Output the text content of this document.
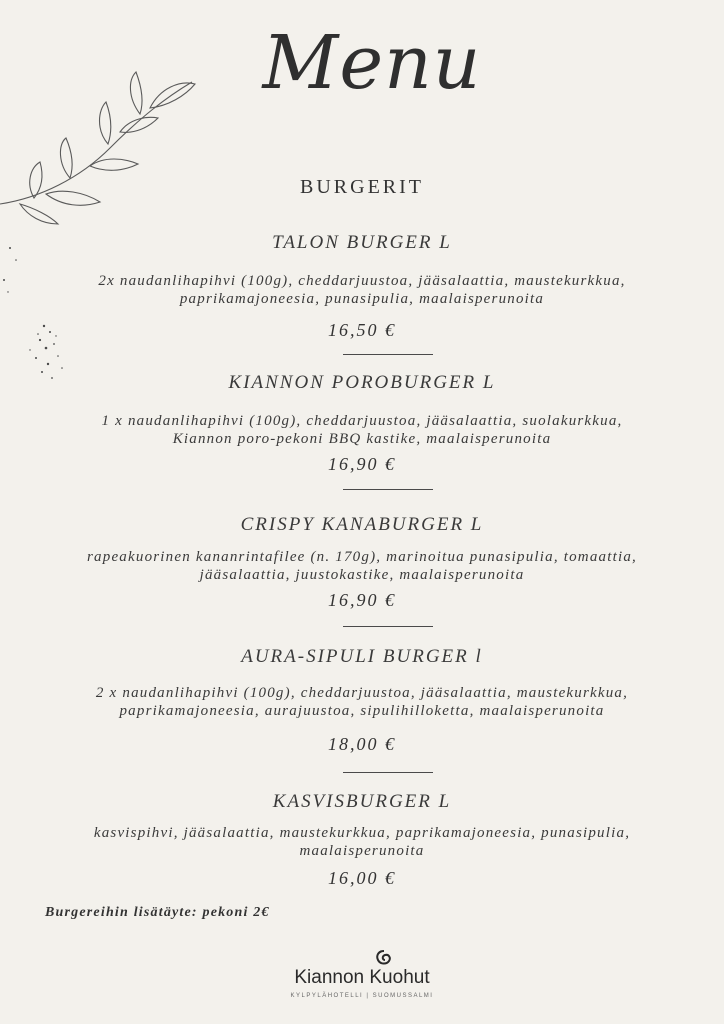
Menu
BURGERIT
TALON BURGER L
2x naudanlihapihvi (100g), cheddarjuustoa, jääsalaattia, maustekurkkua,
paprikamajoneesia, punasipulia, maalaisperunoita
16,50 €
KIANNON POROBURGER L
1 x naudanlihapihvi (100g), cheddarjuustoa, jääsalaattia, suolakurkkua,
Kiannon poro-pekoni BBQ kastike, maalaisperunoita
16,90 €
CRISPY KANABURGER L
rapeakuorinen kananrintafilee (n. 170g), marinoitua punasipulia, tomaattia,
jääsalaattia, juustokastike, maalaisperunoita
16,90 €
AURA-SIPULI BURGER l
2 x naudanlihapihvi (100g), cheddarjuustoa, jääsalaattia, maustekurkkua,
paprikamajoneesia, aurajuustoa, sipulihilloketta, maalaisperunoita
18,00 €
KASVISBURGER L
kasvispihvi, jääsalaattia, maustekurkkua, paprikamajoneesia, punasipulia,
maalaisperunoita
16,00 €
Burgereihin lisätäyte: pekoni 2€
Kiannon Kuohut
KYLPYLÄHOTELLI | SUOMUSSALMI
